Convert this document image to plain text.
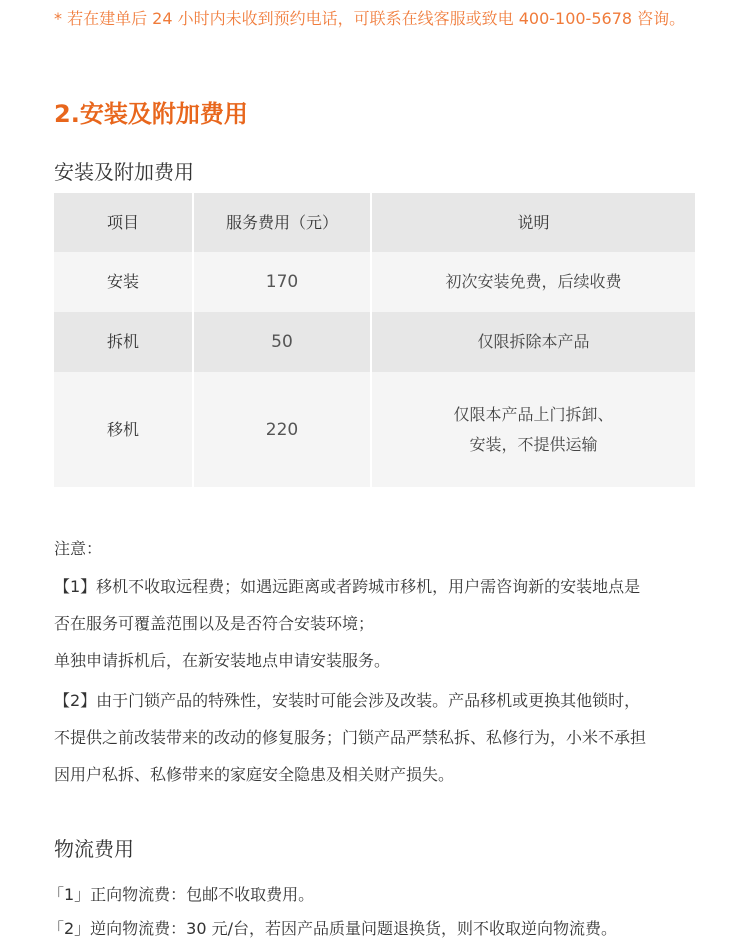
* 若在建单后 24 小时内未收到预约电话，可联系在线客服或致电 400-100-5678 咨询。
2.安装及附加费用
安装及附加费用
项目	服务费用（元）	说明
安装	170	初次安装免费，后续收费

拆机	50	仅限拆除本产品

移机	220	仅限本产品上门拆卸、
安装，不提供运输

注意：

【1】移机不收取远程费；如遇远距离或者跨城市移机，用户需咨询新的安装地点是

否在服务可覆盖范围以及是否符合安装环境；

单独申请拆机后，在新安装地点申请安装服务。

【2】由于门锁产品的特殊性，安装时可能会涉及改装。产品移机或更换其他锁时，

不提供之前改装带来的改动的修复服务；门锁产品严禁私拆、私修行为，小米不承担

因用户私拆、私修带来的家庭安全隐患及相关财产损失。

物流费用

「1」正向物流费：包邮不收取费用。

「2」逆向物流费：30 元/台，若因产品质量问题退换货，则不收取逆向物流费。
